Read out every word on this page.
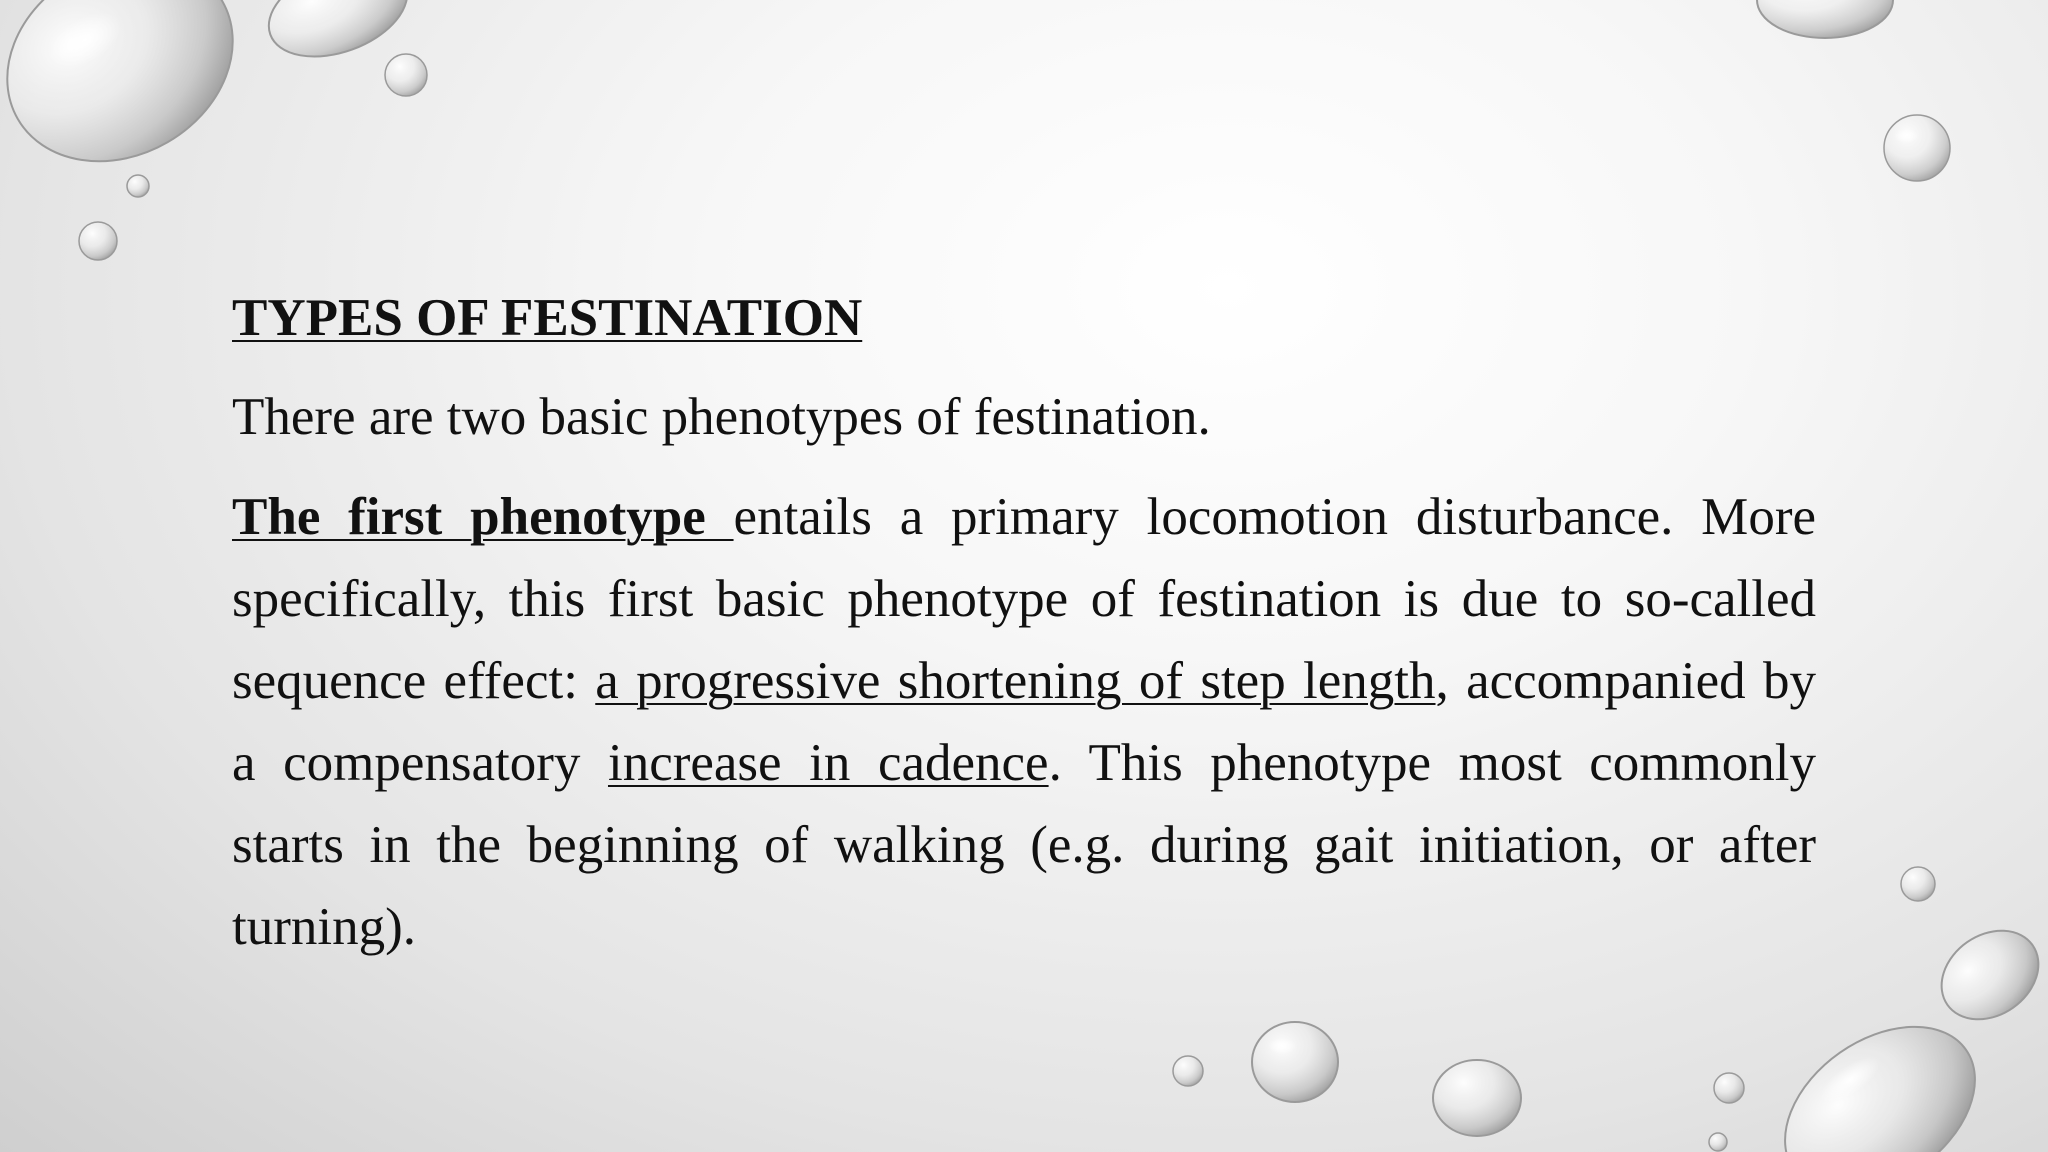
TYPES OF FESTINATION
There are two basic phenotypes of festination.
The first phenotype entails a primary locomotion disturbance. More specifically, this first basic phenotype of festination is due to so-called sequence effect: a progressive shortening of step length, accompanied by a compensatory increase in cadence. This phenotype most commonly starts in the beginning of walking (e.g. during gait initiation, or after turning).
